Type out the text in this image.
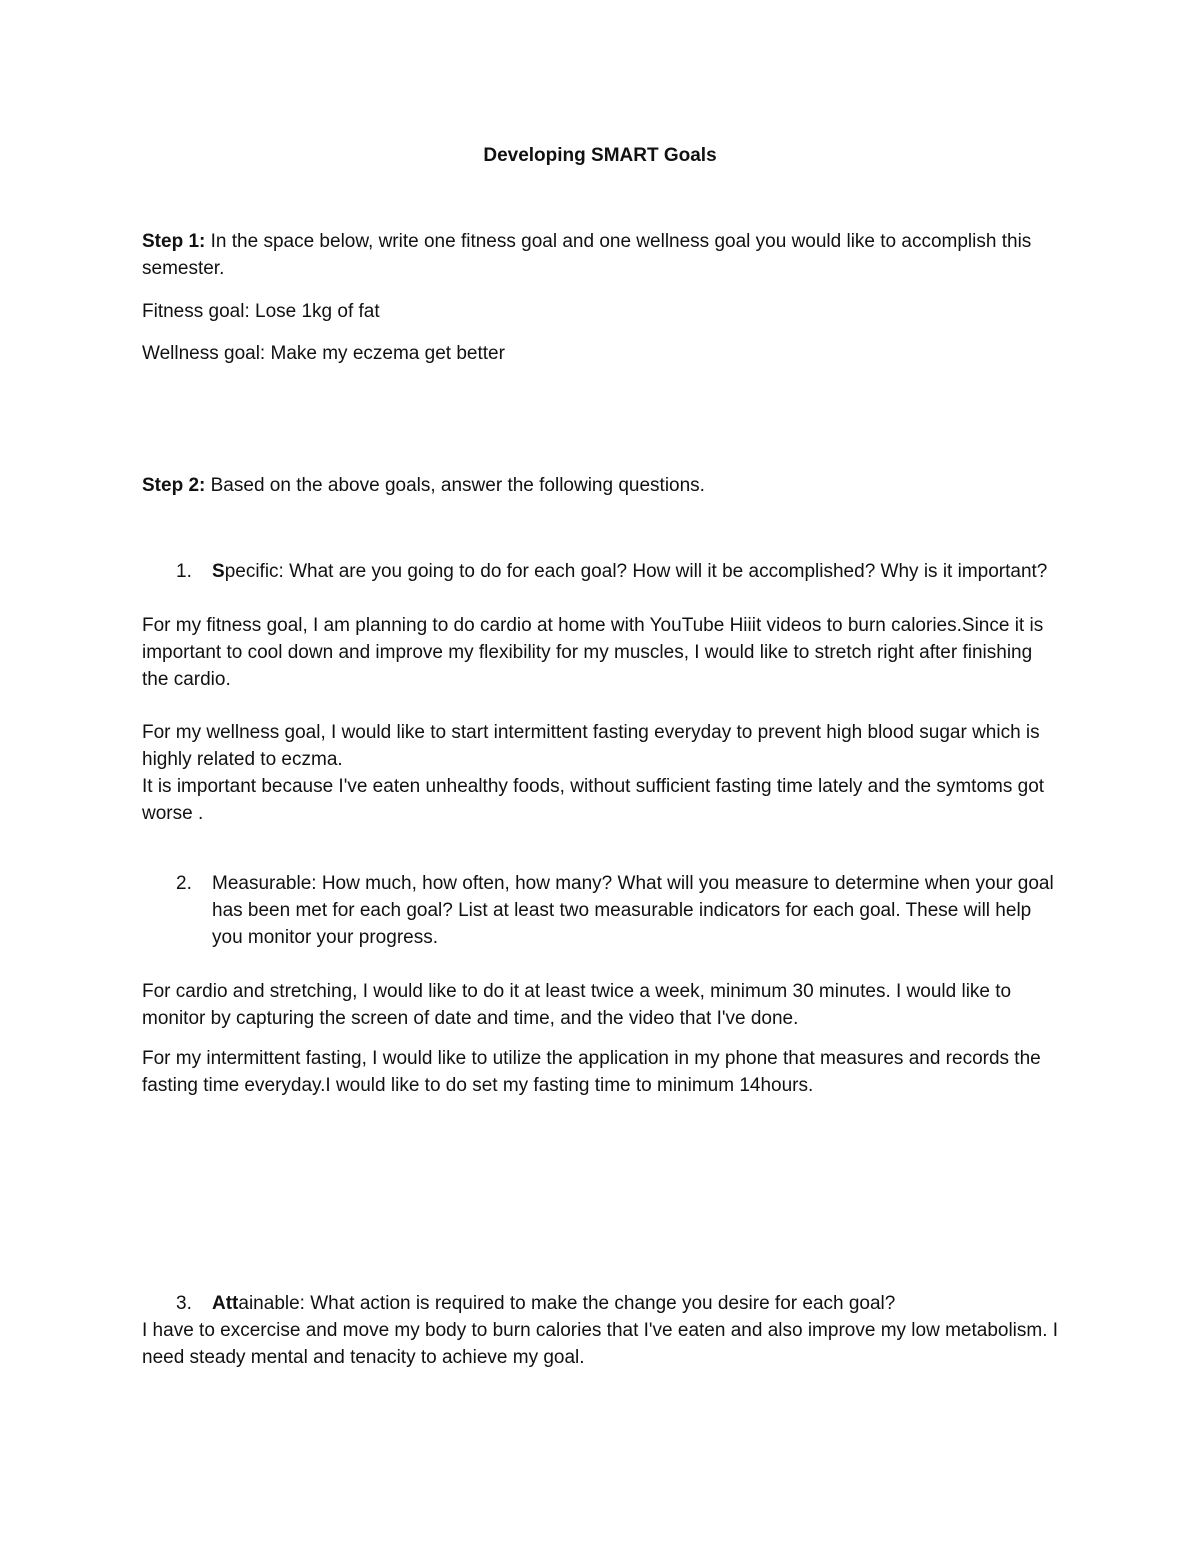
Developing SMART Goals

Step 1: In the space below, write one fitness goal and one wellness goal you would like to accomplish this semester.

Fitness goal: Lose 1kg of fat

Wellness goal: Make my eczema get better

Step 2: Based on the above goals, answer the following questions.

1. Specific: What are you going to do for each goal? How will it be accomplished? Why is it important?

For my fitness goal, I am planning to do cardio at home with YouTube Hiiit videos to burn calories.Since it is important to cool down and improve my flexibility for my muscles, I would like to stretch right after finishing the cardio.

For my wellness goal, I would like to start intermittent fasting everyday to prevent high blood sugar which is highly related to eczma.

It is important because I've eaten unhealthy foods, without sufficient fasting time lately and the symtoms got worse .

2. Measurable: How much, how often, how many? What will you measure to determine when your goal has been met for each goal? List at least two measurable indicators for each goal. These will help you monitor your progress.

For cardio and stretching, I would like to do it at least twice a week, minimum 30 minutes. I would like to monitor by capturing the screen of date and time, and the video that I've done.

For my intermittent fasting, I would like to utilize the application in my phone that measures and records the fasting time everyday.I would like to do set my fasting time to minimum 14hours.

3. Attainable: What action is required to make the change you desire for each goal?

I have to excercise and move my body to burn calories that I've eaten and also improve my low metabolism. I need steady mental and tenacity to achieve my goal.
